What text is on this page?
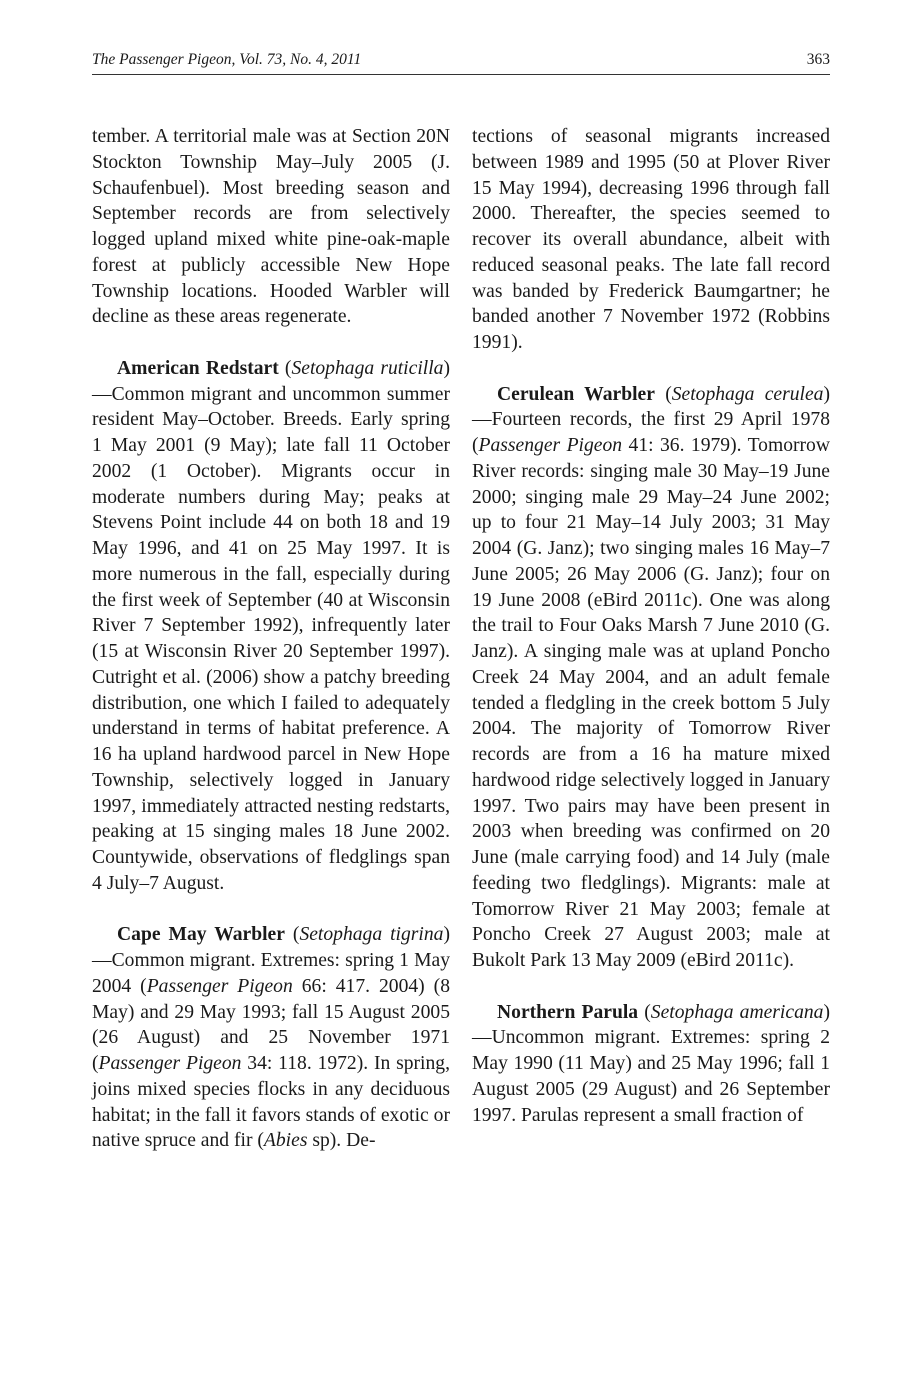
The Passenger Pigeon, Vol. 73, No. 4, 2011	363

tember. A territorial male was at Section 20N Stockton Township May–July 2005 (J. Schaufenbuel). Most breeding season and September records are from selectively logged upland mixed white pine-oak-maple forest at publicly accessible New Hope Township locations. Hooded Warbler will decline as these areas regenerate.

American Redstart (Setophaga ruticilla)—Common migrant and uncommon summer resident May–October. Breeds. Early spring 1 May 2001 (9 May); late fall 11 October 2002 (1 October). Migrants occur in moderate numbers during May; peaks at Stevens Point include 44 on both 18 and 19 May 1996, and 41 on 25 May 1997. It is more numerous in the fall, especially during the first week of September (40 at Wisconsin River 7 September 1992), infrequently later (15 at Wisconsin River 20 September 1997). Cutright et al. (2006) show a patchy breeding distribution, one which I failed to adequately understand in terms of habitat preference. A 16 ha upland hardwood parcel in New Hope Township, selectively logged in January 1997, immediately attracted nesting redstarts, peaking at 15 singing males 18 June 2002. Countywide, observations of fledglings span 4 July–7 August.

Cape May Warbler (Setophaga tigrina)—Common migrant. Extremes: spring 1 May 2004 (Passenger Pigeon 66: 417. 2004) (8 May) and 29 May 1993; fall 15 August 2005 (26 August) and 25 November 1971 (Passenger Pigeon 34: 118. 1972). In spring, joins mixed species flocks in any deciduous habitat; in the fall it favors stands of exotic or native spruce and fir (Abies sp). De-

tections of seasonal migrants increased between 1989 and 1995 (50 at Plover River 15 May 1994), decreasing 1996 through fall 2000. Thereafter, the species seemed to recover its overall abundance, albeit with reduced seasonal peaks. The late fall record was banded by Frederick Baumgartner; he banded another 7 November 1972 (Robbins 1991).

Cerulean Warbler (Setophaga cerulea)—Fourteen records, the first 29 April 1978 (Passenger Pigeon 41: 36. 1979). Tomorrow River records: singing male 30 May–19 June 2000; singing male 29 May–24 June 2002; up to four 21 May–14 July 2003; 31 May 2004 (G. Janz); two singing males 16 May–7 June 2005; 26 May 2006 (G. Janz); four on 19 June 2008 (eBird 2011c). One was along the trail to Four Oaks Marsh 7 June 2010 (G. Janz). A singing male was at upland Poncho Creek 24 May 2004, and an adult female tended a fledgling in the creek bottom 5 July 2004. The majority of Tomorrow River records are from a 16 ha mature mixed hardwood ridge selectively logged in January 1997. Two pairs may have been present in 2003 when breeding was confirmed on 20 June (male carrying food) and 14 July (male feeding two fledglings). Migrants: male at Tomorrow River 21 May 2003; female at Poncho Creek 27 August 2003; male at Bukolt Park 13 May 2009 (eBird 2011c).

Northern Parula (Setophaga americana)—Uncommon migrant. Extremes: spring 2 May 1990 (11 May) and 25 May 1996; fall 1 August 2005 (29 August) and 26 September 1997. Parulas represent a small fraction of
